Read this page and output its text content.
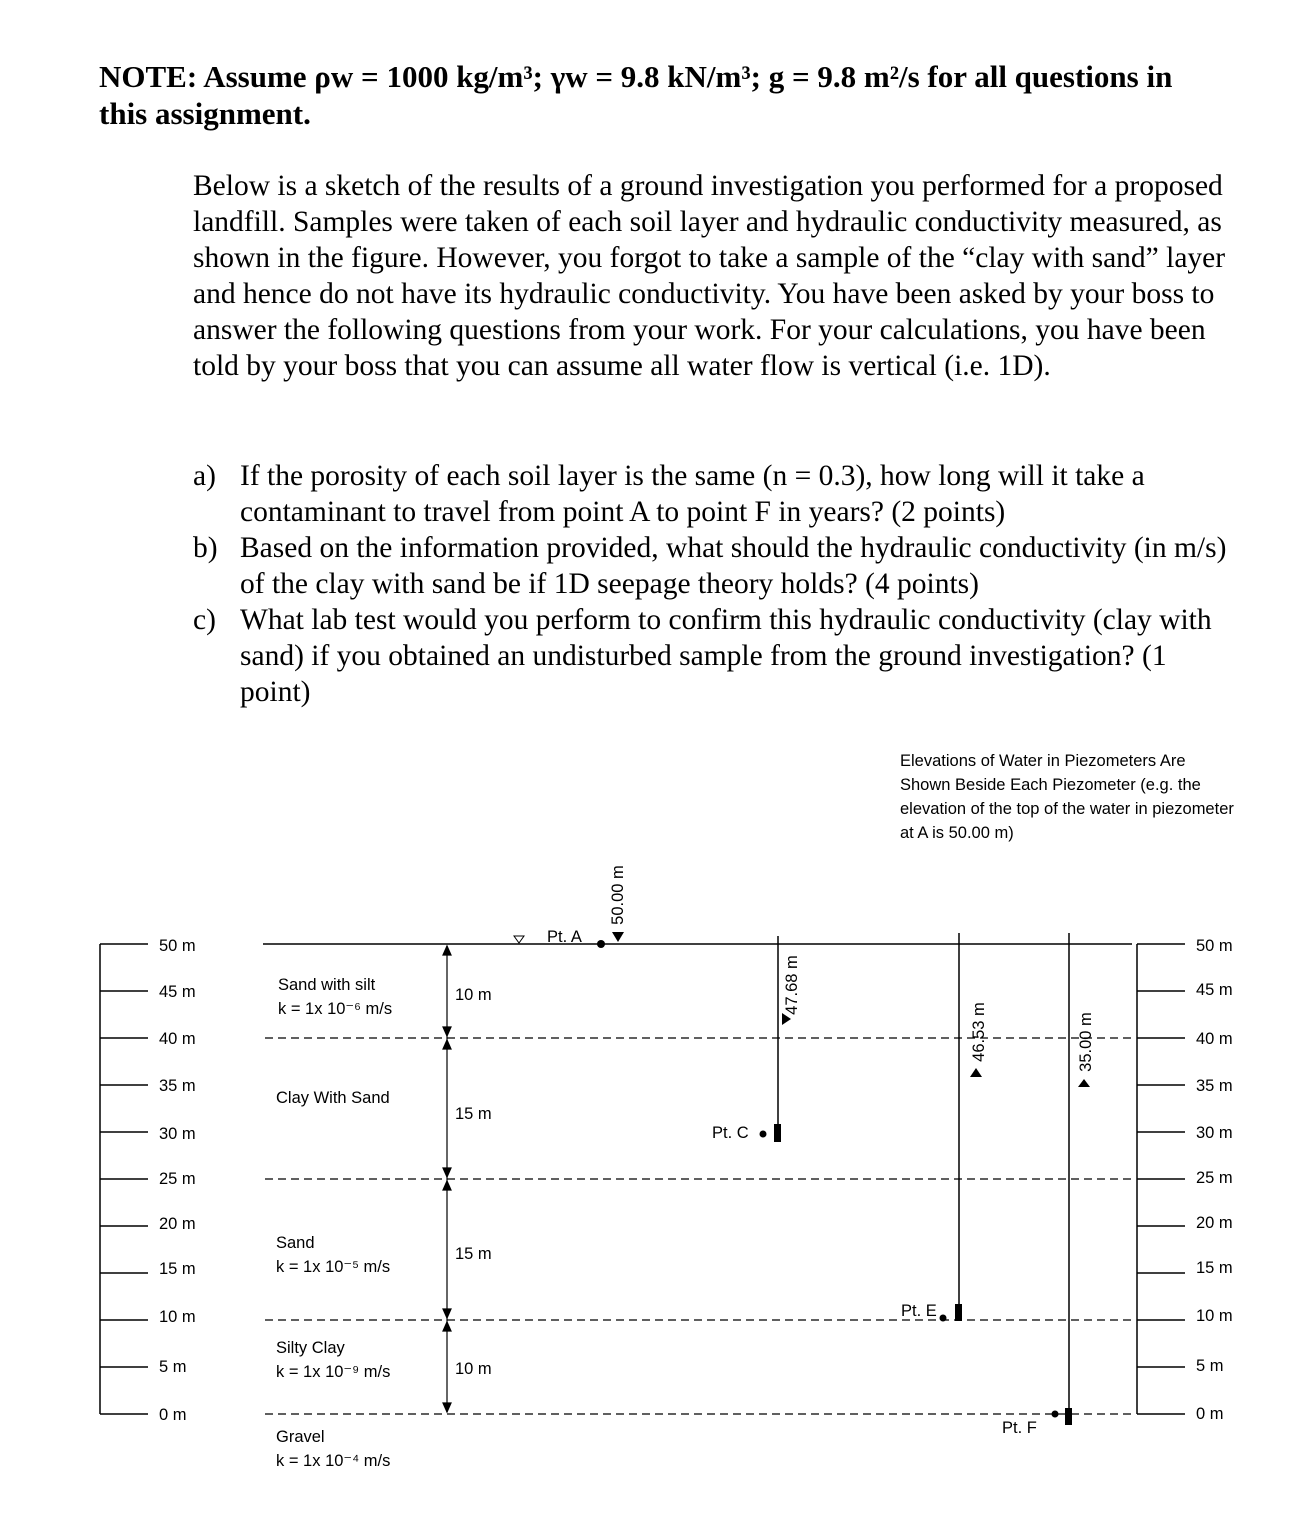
NOTE: Assume ρw = 1000 kg/m³; γw = 9.8 kN/m³; g = 9.8 m²/s for all questions in this assignment.
Below is a sketch of the results of a ground investigation you performed for a proposed landfill. Samples were taken of each soil layer and hydraulic conductivity measured, as shown in the figure. However, you forgot to take a sample of the “clay with sand” layer and hence do not have its hydraulic conductivity. You have been asked by your boss to answer the following questions from your work. For your calculations, you have been told by your boss that you can assume all water flow is vertical (i.e. 1D).
a) If the porosity of each soil layer is the same (n = 0.3), how long will it take a contaminant to travel from point A to point F in years? (2 points)
b) Based on the information provided, what should the hydraulic conductivity (in m/s) of the clay with sand be if 1D seepage theory holds? (4 points)
c) What lab test would you perform to confirm this hydraulic conductivity (clay with sand) if you obtained an undisturbed sample from the ground investigation? (1 point)
Elevations of Water in Piezometers Are Shown Beside Each Piezometer (e.g. the elevation of the top of the water in piezometer at A is 50.00 m)
50 m
45 m
40 m
35 m
30 m
25 m
20 m
15 m
10 m
5 m
0 m
50 m
45 m
40 m
35 m
30 m
25 m
20 m
15 m
10 m
5 m
0 m
Sand with silt
k = 1x 10⁻⁶ m/s
Clay With Sand
Sand
k = 1x 10⁻⁵ m/s
Silty Clay
k = 1x 10⁻⁹ m/s
Gravel
k = 1x 10⁻⁴ m/s
10 m
15 m
15 m
10 m
Pt. A
Pt. C
Pt. E
Pt. F
50.00 m
47.68 m
46.53 m	35.00 m
